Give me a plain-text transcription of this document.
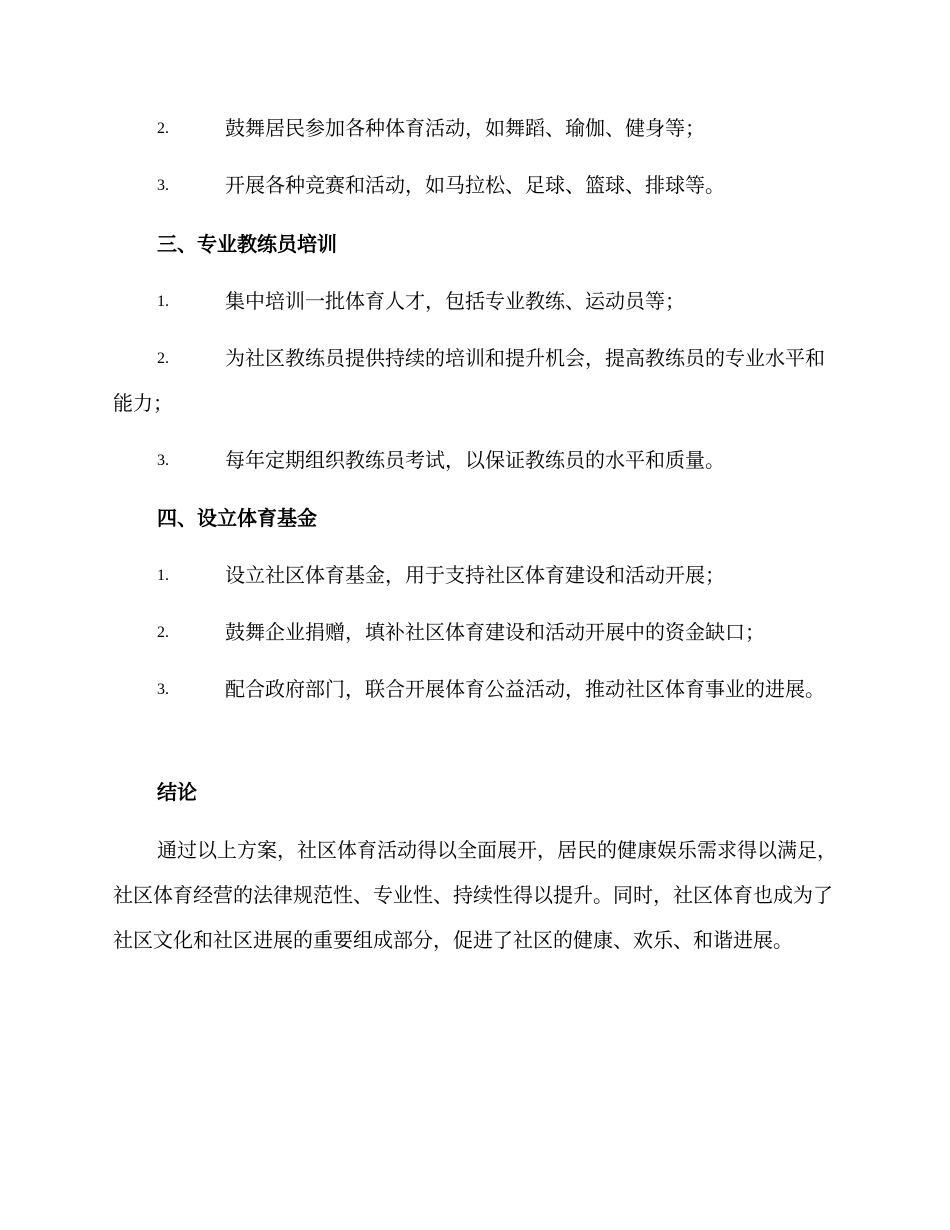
2.	鼓舞居民参加各种体育活动，如舞蹈、瑜伽、健身等；
3.	开展各种竞赛和活动，如马拉松、足球、篮球、排球等。
三、专业教练员培训
1.	集中培训一批体育人才，包括专业教练、运动员等；
2.	为社区教练员提供持续的培训和提升机会，提高教练员的专业水平和能力；
3.	每年定期组织教练员考试，以保证教练员的水平和质量。
四、设立体育基金
1.	设立社区体育基金，用于支持社区体育建设和活动开展；
2.	鼓舞企业捐赠，填补社区体育建设和活动开展中的资金缺口；
3.	配合政府部门，联合开展体育公益活动，推动社区体育事业的进展。
结论
通过以上方案，社区体育活动得以全面展开，居民的健康娱乐需求得以满足，社区体育经营的法律规范性、专业性、持续性得以提升。同时，社区体育也成为了社区文化和社区进展的重要组成部分，促进了社区的健康、欢乐、和谐进展。
